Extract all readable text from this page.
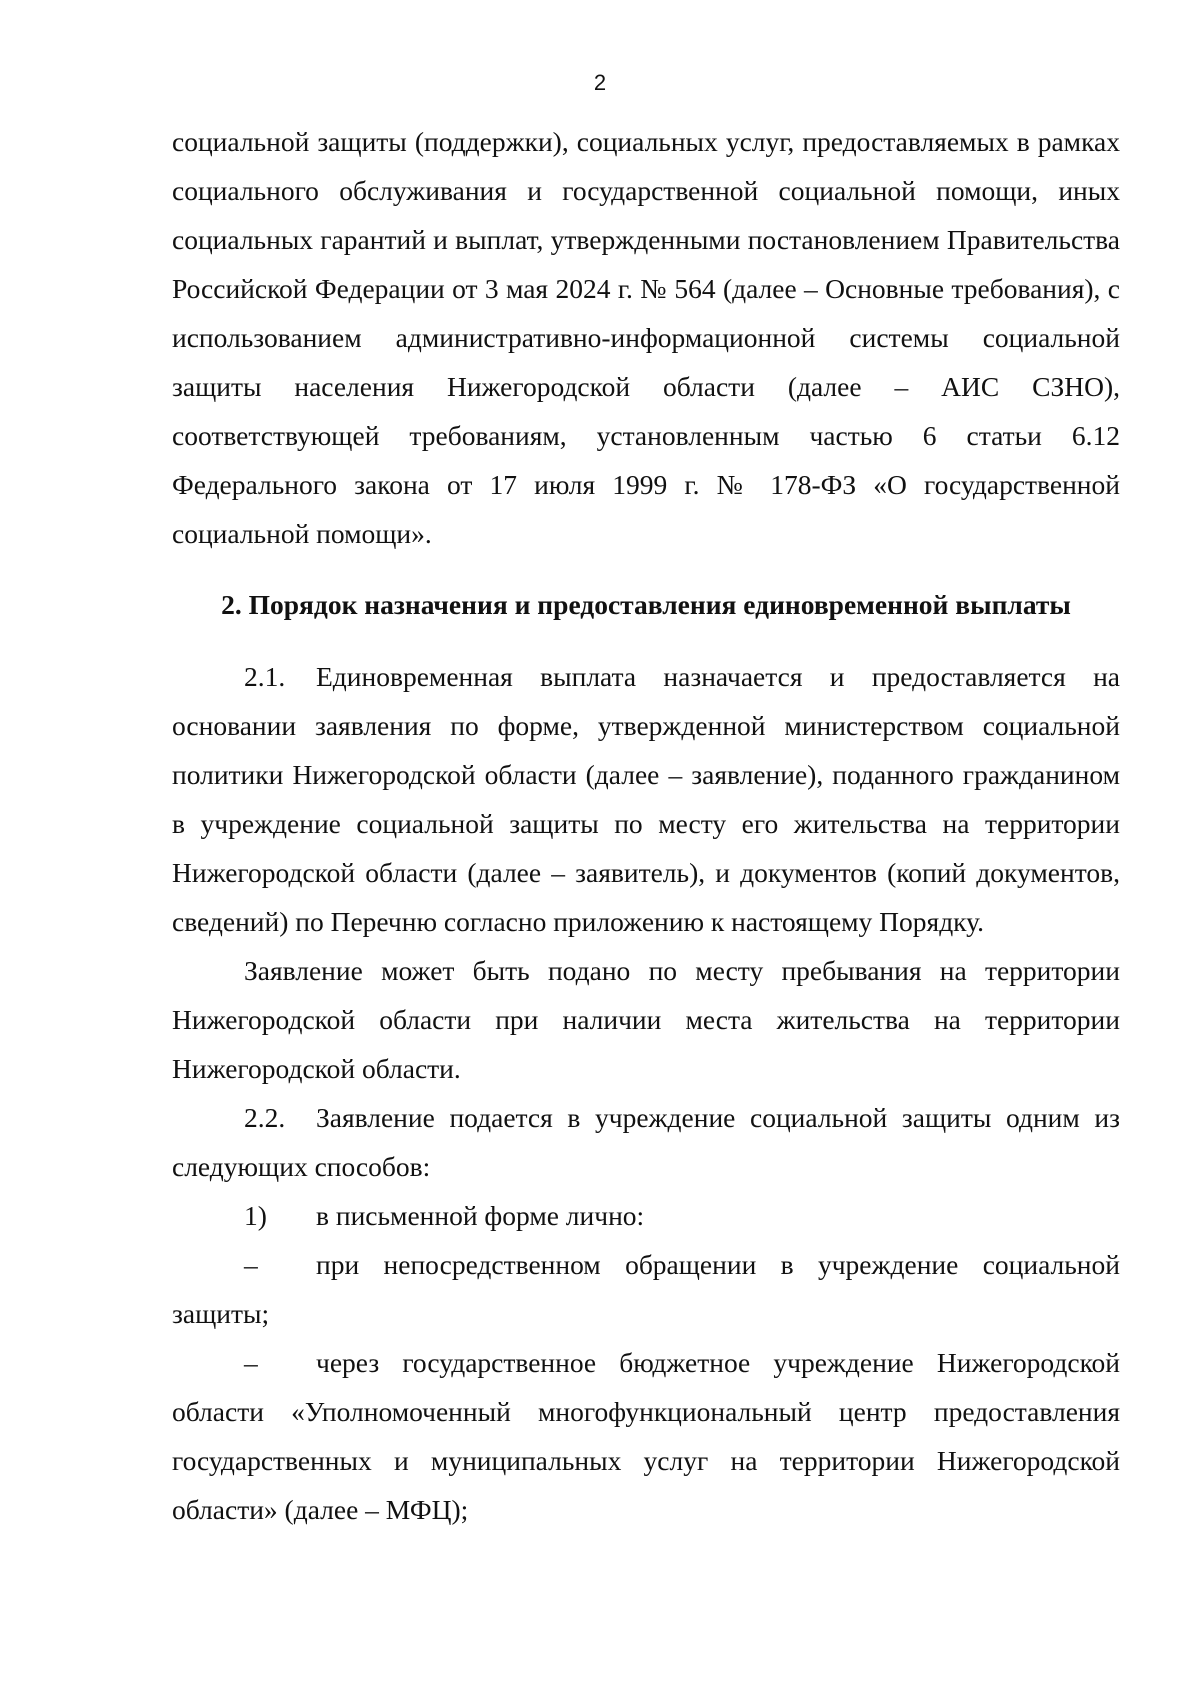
2

социальной защиты (поддержки), социальных услуг, предоставляемых в рамках социального обслуживания и государственной социальной помощи, иных социальных гарантий и выплат, утвержденными постановлением Правительства Российской Федерации от 3 мая 2024 г. № 564 (далее – Основные требования), с использованием административно-информационной системы социальной защиты населения Нижегородской области (далее – АИС СЗНО), соответствующей требованиям, установленным частью 6 статьи 6.12 Федерального закона от 17 июля 1999 г. № 178-ФЗ «О государственной социальной помощи».

2. Порядок назначения и предоставления единовременной выплаты

2.1. Единовременная выплата назначается и предоставляется на основании заявления по форме, утвержденной министерством социальной политики Нижегородской области (далее – заявление), поданного гражданином в учреждение социальной защиты по месту его жительства на территории Нижегородской области (далее – заявитель), и документов (копий документов, сведений) по Перечню согласно приложению к настоящему Порядку.

Заявление может быть подано по месту пребывания на территории Нижегородской области при наличии места жительства на территории Нижегородской области.

2.2. Заявление подается в учреждение социальной защиты одним из следующих способов:

1) в письменной форме лично:

– при непосредственном обращении в учреждение социальной защиты;

– через государственное бюджетное учреждение Нижегородской области «Уполномоченный многофункциональный центр предоставления государственных и муниципальных услуг на территории Нижегородской области» (далее – МФЦ);
